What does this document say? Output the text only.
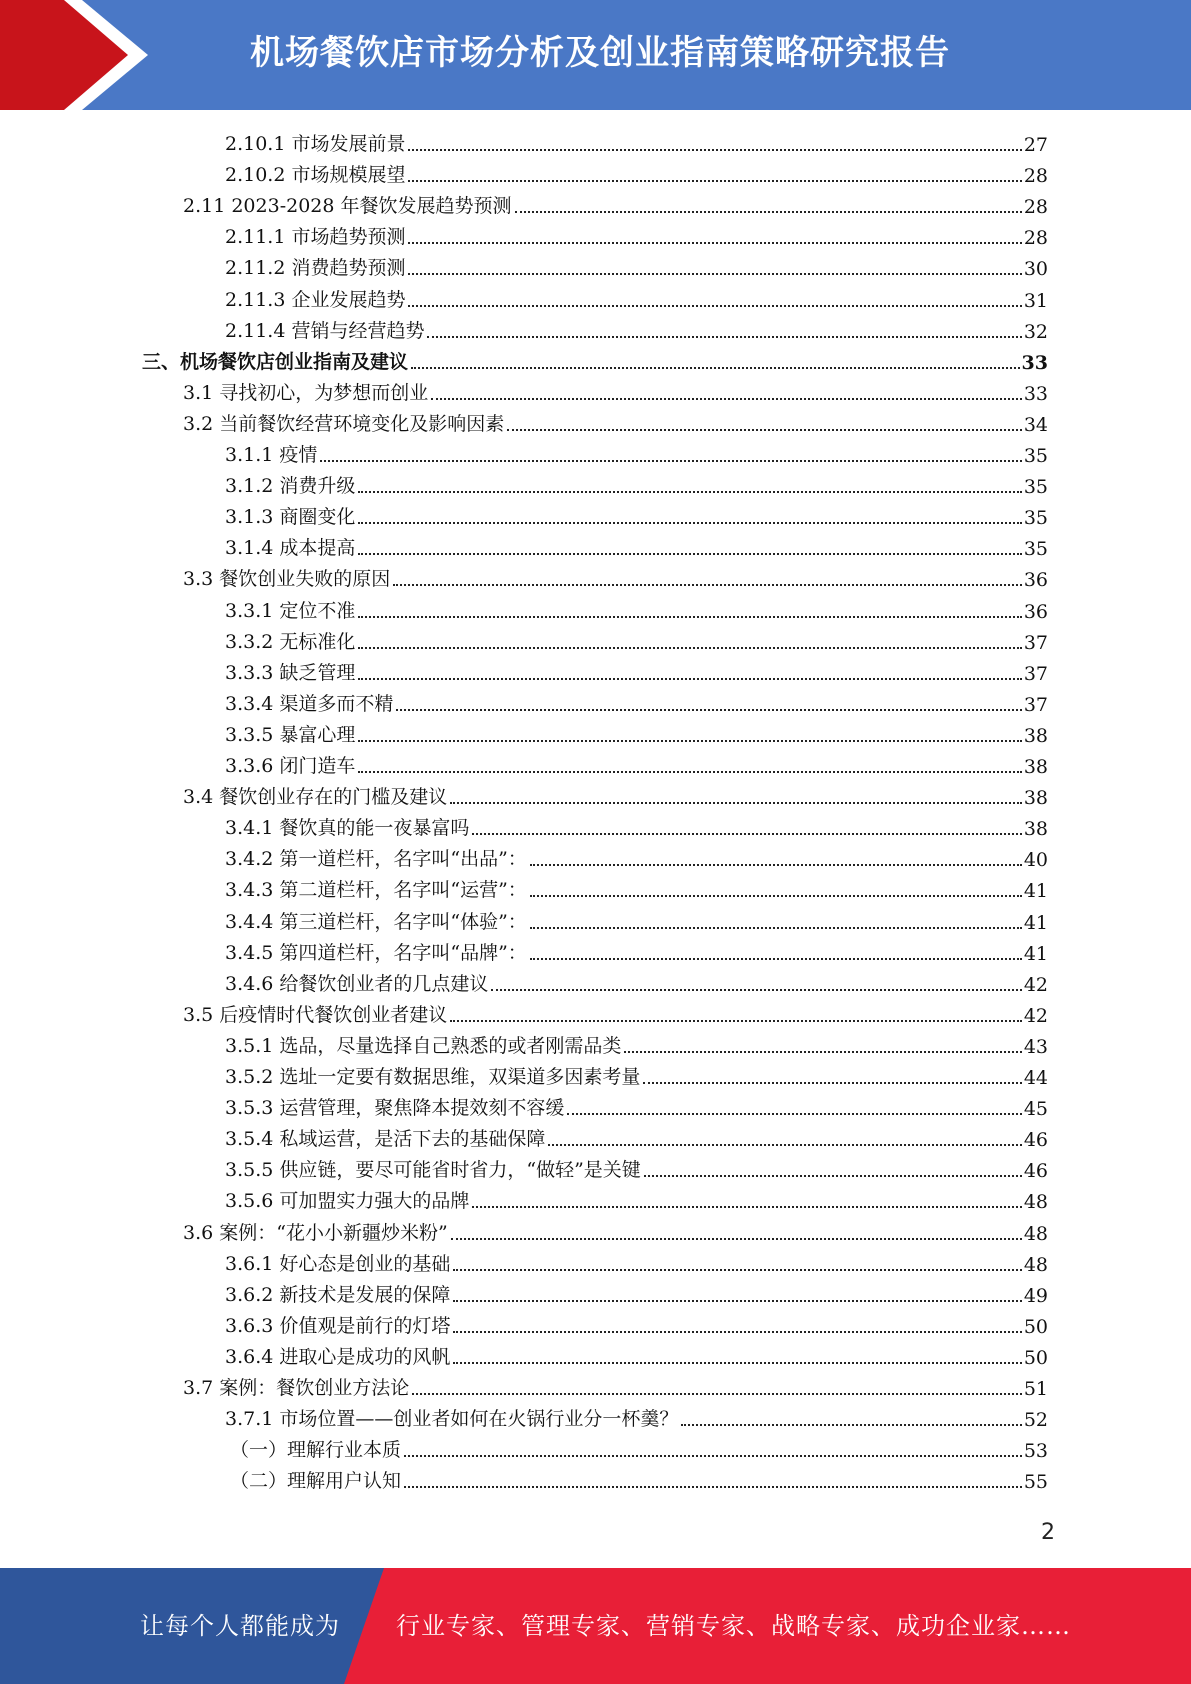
机场餐饮店市场分析及创业指南策略研究报告
2.10.1 市场发展前景	27
2.10.2 市场规模展望	28
2.11 2023-2028 年餐饮发展趋势预测	28
2.11.1 市场趋势预测	28
2.11.2 消费趋势预测	30
2.11.3 企业发展趋势	31
2.11.4 营销与经营趋势	32
三、机场餐饮店创业指南及建议	33
3.1 寻找初心，为梦想而创业	33
3.2 当前餐饮经营环境变化及影响因素	34
3.1.1 疫情	35
3.1.2 消费升级	35
3.1.3 商圈变化	35
3.1.4 成本提高	35
3.3 餐饮创业失败的原因	36
3.3.1 定位不准	36
3.3.2 无标准化	37
3.3.3 缺乏管理	37
3.3.4 渠道多而不精	37
3.3.5 暴富心理	38
3.3.6 闭门造车	38
3.4 餐饮创业存在的门槛及建议	38
3.4.1 餐饮真的能一夜暴富吗	38
3.4.2 第一道栏杆，名字叫“出品”：	40
3.4.3 第二道栏杆，名字叫“运营”：	41
3.4.4 第三道栏杆，名字叫“体验”：	41
3.4.5 第四道栏杆，名字叫“品牌”：	41
3.4.6 给餐饮创业者的几点建议	42
3.5 后疫情时代餐饮创业者建议	42
3.5.1 选品，尽量选择自己熟悉的或者刚需品类	43
3.5.2 选址一定要有数据思维，双渠道多因素考量	44
3.5.3 运营管理，聚焦降本提效刻不容缓	45
3.5.4 私域运营，是活下去的基础保障	46
3.5.5 供应链，要尽可能省时省力，“做轻”是关键	46
3.5.6 可加盟实力强大的品牌	48
3.6 案例：“花小小新疆炒米粉”	48
3.6.1 好心态是创业的基础	48
3.6.2 新技术是发展的保障	49
3.6.3 价值观是前行的灯塔	50
3.6.4 进取心是成功的风帆	50
3.7 案例：餐饮创业方法论	51
3.7.1 市场位置——创业者如何在火锅行业分一杯羹？	52
（一）理解行业本质	53
（二）理解用户认知	55
2
让每个人都能成为 行业专家、管理专家、营销专家、战略专家、成功企业家……
